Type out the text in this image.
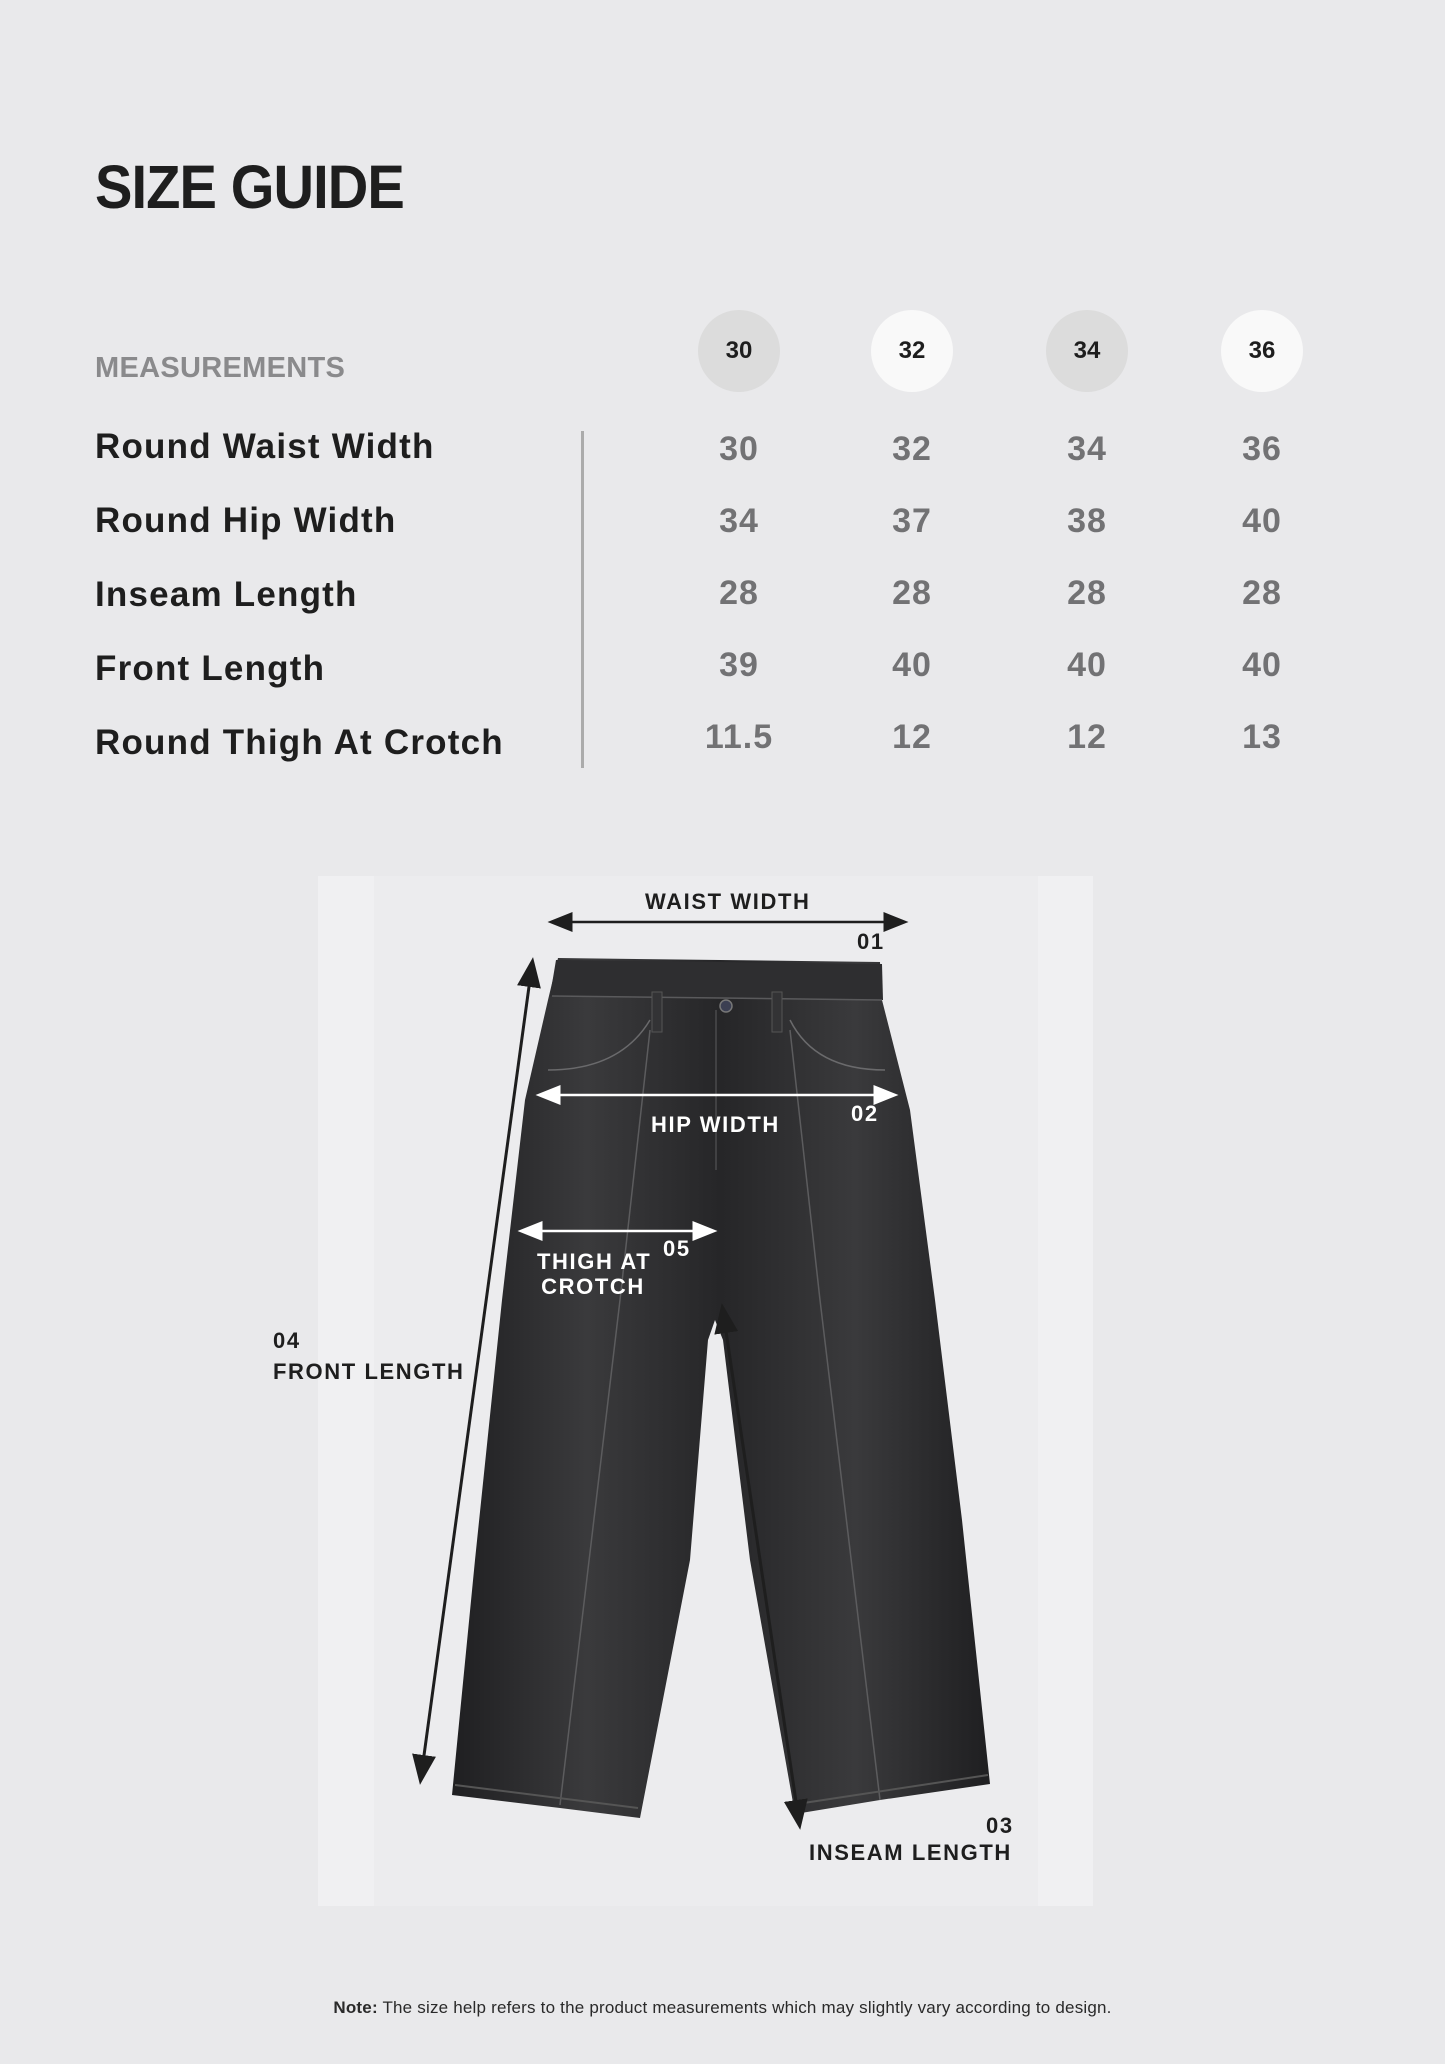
SIZE GUIDE
MEASUREMENTS
30	32	34	36
Round Waist Width	30	32	34	36
Round Hip Width	34	37	38	40
Inseam Length	28	28	28	28
Front Length	39	40	40	40
Round Thigh At Crotch	11.5	12	12	13
WAIST WIDTH
01
HIP WIDTH	02
05
THIGH AT
CROTCH
04
FRONT LENGTH
03
INSEAM LENGTH
Note: The size help refers to the product measurements which may slightly vary according to design.
